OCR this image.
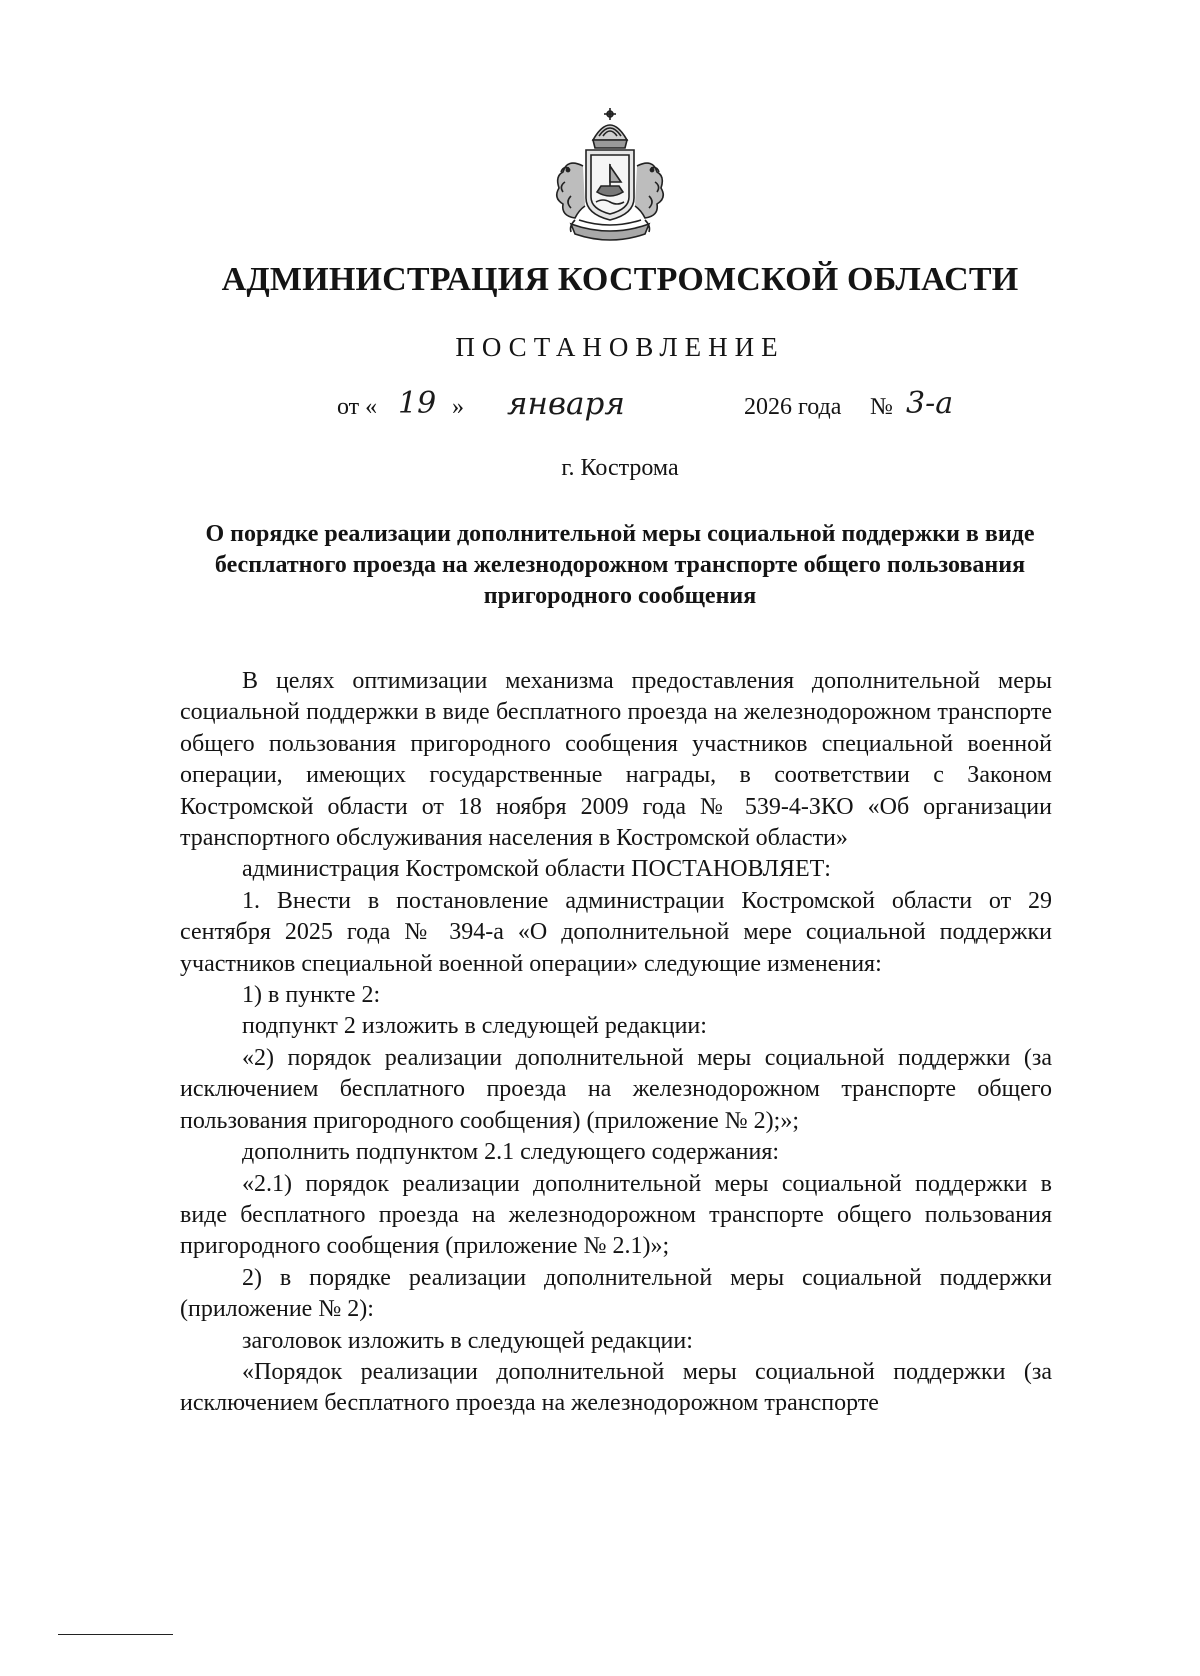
АДМИНИСТРАЦИЯ КОСТРОМСКОЙ ОБЛАСТИ
ПОСТАНОВЛЕНИЕ
от « 19 » января	2026 года № 3-а
г. Кострома
О порядке реализации дополнительной меры социальной поддержки в виде бесплатного проезда на железнодорожном транспорте общего пользования пригородного сообщения

В целях оптимизации механизма предоставления дополнительной меры социальной поддержки в виде бесплатного проезда на железнодорожном транспорте общего пользования пригородного сообщения участников специальной военной операции, имеющих государственные награды, в соответствии с Законом Костромской области от 18 ноября 2009 года № 539-4-ЗКО «Об организации транспортного обслуживания населения в Костромской области»

администрация Костромской области ПОСТАНОВЛЯЕТ:

1. Внести в постановление администрации Костромской области от 29 сентября 2025 года № 394-а «О дополнительной мере социальной поддержки участников специальной военной операции» следующие изменения:

1) в пункте 2:

подпункт 2 изложить в следующей редакции:

«2) порядок реализации дополнительной меры социальной поддержки (за исключением бесплатного проезда на железнодорожном транспорте общего пользования пригородного сообщения) (приложение № 2);»;

дополнить подпунктом 2.1 следующего содержания:

«2.1) порядок реализации дополнительной меры социальной поддержки в виде бесплатного проезда на железнодорожном транспорте общего пользования пригородного сообщения (приложение № 2.1)»;

2) в порядке реализации дополнительной меры социальной поддержки (приложение № 2):

заголовок изложить в следующей редакции:

«Порядок реализации дополнительной меры социальной поддержки (за исключением бесплатного проезда на железнодорожном транспорте
